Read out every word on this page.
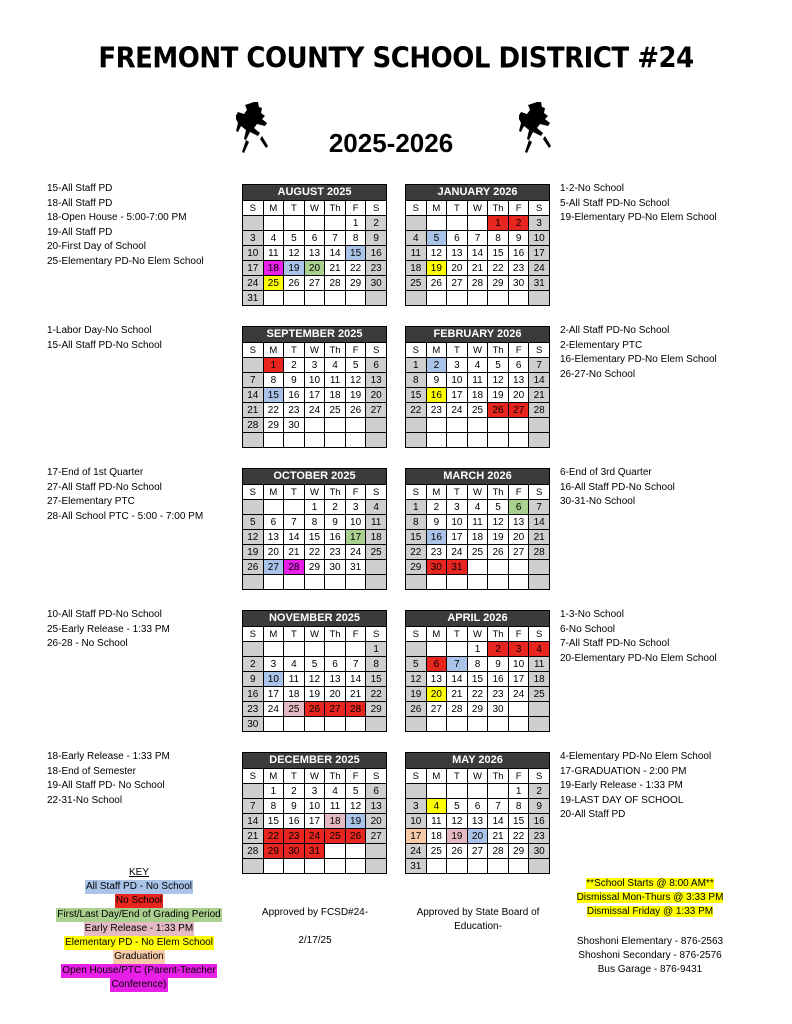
FREMONT COUNTY SCHOOL DISTRICT #24
2025-2026
15-All Staff PD
18-All Staff PD
18-Open House - 5:00-7:00 PM
19-All Staff PD
20-First Day of School
25-Elementary PD-No Elem School
1-Labor Day-No School
15-All Staff PD-No School
17-End of 1st Quarter
27-All Staff PD-No School
27-Elementary PTC
28-All School PTC - 5:00 - 7:00 PM
10-All Staff PD-No School
25-Early Release - 1:33 PM
26-28 - No School
18-Early Release - 1:33 PM
18-End of Semester
19-All Staff PD- No School
22-31-No School
1-2-No School
5-All Staff PD-No School
19-Elementary PD-No Elem School
2-All Staff PD-No School
2-Elementary PTC
16-Elementary PD-No Elem School
26-27-No School
6-End of 3rd Quarter
16-All Staff PD-No School
30-31-No School
1-3-No School
6-No School
7-All Staff PD-No School
20-Elementary PD-No Elem School
4-Elementary PD-No Elem School
17-GRADUATION - 2:00 PM
19-Early Release - 1:33 PM
19-LAST DAY OF SCHOOL
20-All Staff PD
AUGUST 2025						
S	M	T	W	Th	F	S
					1	2
3	4	5	6	7	8	9
10	11	12	13	14	15	16
17	18	19	20	21	22	23
24	25	26	27	28	29	30
31						
SEPTEMBER 2025						
S	M	T	W	Th	F	S
	1	2	3	4	5	6
7	8	9	10	11	12	13
14	15	16	17	18	19	20
21	22	23	24	25	26	27
28	29	30				

OCTOBER 2025						
S	M	T	W	Th	F	S
			1	2	3	4
5	6	7	8	9	10	11
12	13	14	15	16	17	18
19	20	21	22	23	24	25
26	27	28	29	30	31	

NOVEMBER 2025						
S	M	T	W	Th	F	S
						1
2	3	4	5	6	7	8
9	10	11	12	13	14	15
16	17	18	19	20	21	22
23	24	25	26	27	28	29
30						
DECEMBER 2025						
S	M	T	W	Th	F	S
	1	2	3	4	5	6
7	8	9	10	11	12	13
14	15	16	17	18	19	20
21	22	23	24	25	26	27
28	29	30	31			

JANUARY 2026						
S	M	T	W	Th	F	S
				1	2	3
4	5	6	7	8	9	10
11	12	13	14	15	16	17
18	19	20	21	22	23	24
25	26	27	28	29	30	31

FEBRUARY 2026						
S	M	T	W	Th	F	S
1	2	3	4	5	6	7
8	9	10	11	12	13	14
15	16	17	18	19	20	21
22	23	24	25	26	27	28

MARCH 2026						
S	M	T	W	Th	F	S
1	2	3	4	5	6	7
8	9	10	11	12	13	14
15	16	17	18	19	20	21
22	23	24	25	26	27	28
29	30	31				

APRIL 2026						
S	M	T	W	Th	F	S
			1	2	3	4
5	6	7	8	9	10	11
12	13	14	15	16	17	18
19	20	21	22	23	24	25
26	27	28	29	30		

MAY 2026						
S	M	T	W	Th	F	S
					1	2
3	4	5	6	7	8	9
10	11	12	13	14	15	16
17	18	19	20	21	22	23
24	25	26	27	28	29	30
31						
KEY
All Staff PD - No School
No School
First/Last Day/End of Grading Period
Early Release - 1:33 PM
Elementary PD - No Elem School
Graduation
Open House/PTC (Parent-Teacher
Conference)
Approved by FCSD#24-
2/17/25
Approved by State Board of
Education-
**School Starts @ 8:00 AM**
Dismissal Mon-Thurs @ 3:33 PM
Dismissal Friday @ 1:33 PM
Shoshoni Elementary - 876-2563
Shoshoni Secondary - 876-2576
Bus Garage - 876-9431
